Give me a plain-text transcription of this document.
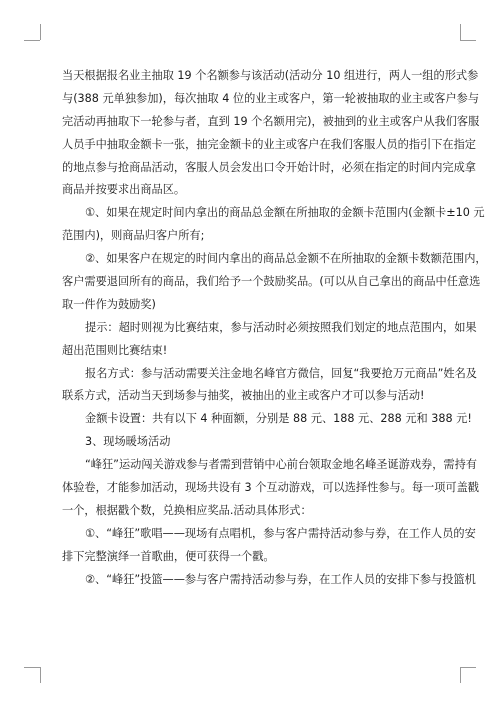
当天根据报名业主抽取 19 个名额参与该活动(活动分 10 组进行，两人一组的形式参
与(388 元单独参加)，每次抽取 4 位的业主或客户，第一轮被抽取的业主或客户参与
完活动再抽取下一轮参与者，直到 19 个名额用完)，被抽到的业主或客户从我们客服
人员手中抽取金额卡一张，抽完金额卡的业主或客户在我们客服人员的指引下在指定
的地点参与抢商品活动，客服人员会发出口令开始计时，必须在指定的时间内完成拿
商品并按要求出商品区。
①、如果在规定时间内拿出的商品总金额在所抽取的金额卡范围内(金额卡±10 元
范围内)，则商品归客户所有;
②、如果客户在规定的时间内拿出的商品总金额不在所抽取的金额卡数额范围内，
客户需要退回所有的商品，我们给予一个鼓励奖品。(可以从自己拿出的商品中任意选
取一件作为鼓励奖)
提示：超时则视为比赛结束，参与活动时必须按照我们划定的地点范围内，如果
超出范围则比赛结束!
报名方式：参与活动需要关注金地名峰官方微信，回复“我要抢万元商品”姓名及
联系方式，活动当天到场参与抽奖，被抽出的业主或客户才可以参与活动!
金额卡设置：共有以下 4 种面额，分别是 88 元、188 元、288 元和 388 元!
3、现场暖场活动
“峰狂”运动闯关游戏参与者需到营销中心前台领取金地名峰圣诞游戏券，需持有
体验卷，才能参加活动，现场共设有 3 个互动游戏，可以选择性参与。每一项可盖戳
一个，根据戳个数，兑换相应奖品.活动具体形式：
①、“峰狂”歌唱——现场有点唱机，参与客户需持活动参与券，在工作人员的安
排下完整演绎一首歌曲，便可获得一个戳。
②、“峰狂”投篮——参与客户需持活动参与券，在工作人员的安排下参与投篮机
